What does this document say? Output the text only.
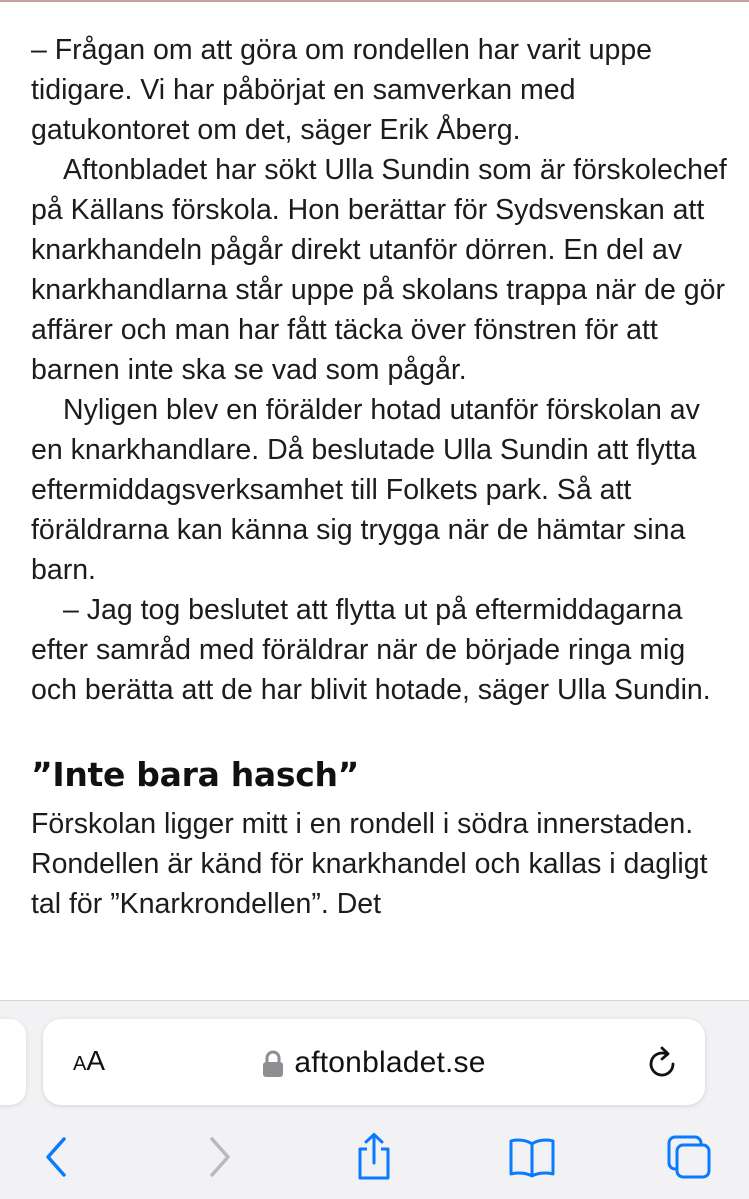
– Frågan om att göra om rondellen har varit uppe tidigare. Vi har påbörjat en samverkan med gatukontoret om det, säger Erik Åberg.

Aftonbladet har sökt Ulla Sundin som är förskolechef på Källans förskola. Hon berättar för Sydsvenskan att knarkhandeln pågår direkt utanför dörren. En del av knarkhandlarna står uppe på skolans trappa när de gör affärer och man har fått täcka över fönstren för att barnen inte ska se vad som pågår.

Nyligen blev en förälder hotad utanför förskolan av en knarkhandlare. Då beslutade Ulla Sundin att flytta eftermiddagsverksamhet till Folkets park. Så att föräldrarna kan känna sig trygga när de hämtar sina barn.

– Jag tog beslutet att flytta ut på eftermiddagarna efter samråd med föräldrar när de började ringa mig och berätta att de har blivit hotade, säger Ulla Sundin.

”Inte bara hasch”

Förskolan ligger mitt i en rondell i södra innerstaden. Rondellen är känd för knarkhandel och kallas i dagligt tal för ”Knarkrondellen”. Det

AA	aftonbladet.se
